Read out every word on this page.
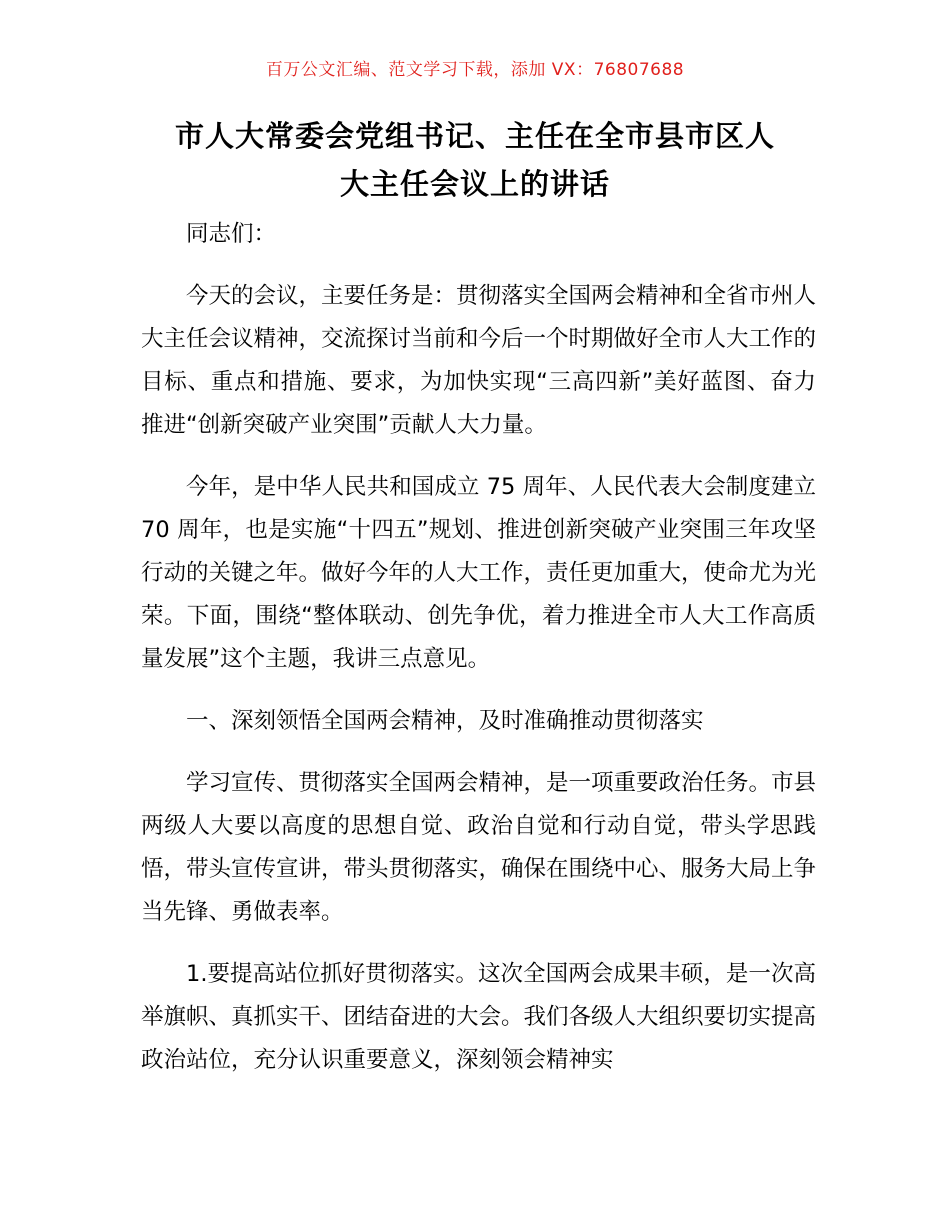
百万公文汇编、范文学习下载，添加 VX：76807688
市人大常委会党组书记、主任在全市县市区人
大主任会议上的讲话

同志们：

今天的会议，主要任务是：贯彻落实全国两会精神和全省市州人大主任会议精神，交流探讨当前和今后一个时期做好全市人大工作的目标、重点和措施、要求，为加快实现“三高四新”美好蓝图、奋力推进“创新突破产业突围”贡献人大力量。

今年，是中华人民共和国成立 75 周年、人民代表大会制度建立 70 周年，也是实施“十四五”规划、推进创新突破产业突围三年攻坚行动的关键之年。做好今年的人大工作，责任更加重大，使命尤为光荣。下面，围绕“整体联动、创先争优，着力推进全市人大工作高质量发展”这个主题，我讲三点意见。

一、深刻领悟全国两会精神，及时准确推动贯彻落实

学习宣传、贯彻落实全国两会精神，是一项重要政治任务。市县两级人大要以高度的思想自觉、政治自觉和行动自觉，带头学思践悟，带头宣传宣讲，带头贯彻落实，确保在围绕中心、服务大局上争当先锋、勇做表率。

1.要提高站位抓好贯彻落实。这次全国两会成果丰硕，是一次高举旗帜、真抓实干、团结奋进的大会。我们各级人大组织要切实提高政治站位，充分认识重要意义，深刻领会精神实
